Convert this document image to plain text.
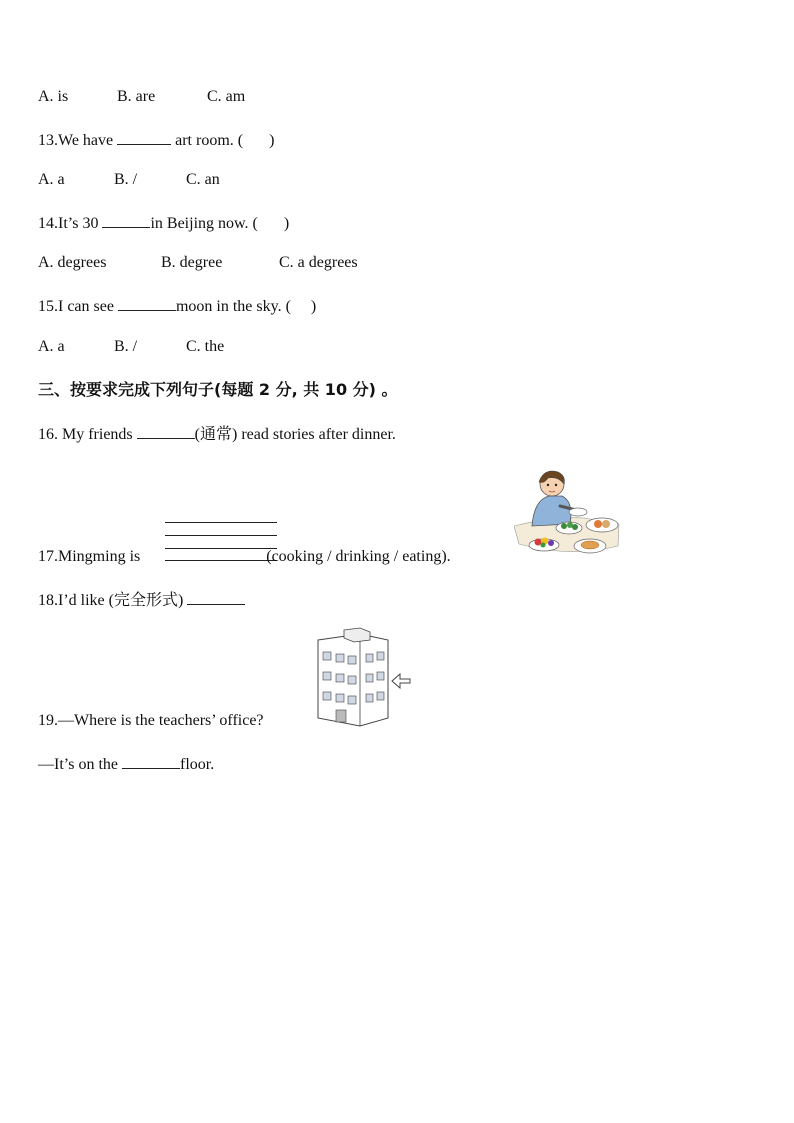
A. is	B. are	C. am
13.We have	art room. ( )
A. a	B. /	C. an
14.It’s 30	in Beijing now. ( )
A. degrees	B. degree	C. a degrees
15.I can see	moon in the sky. ( )
A. a	B. /	C. the
三、按要求完成下列句子(每题 2 分, 共 10 分) 。
16. My friends	(通常) read stories after dinner.
17.Mingming is	(cooking / drinking / eating).
18.I’d like (完全形式)
19.—Where is the teachers’ office?
—It’s on the	floor.
